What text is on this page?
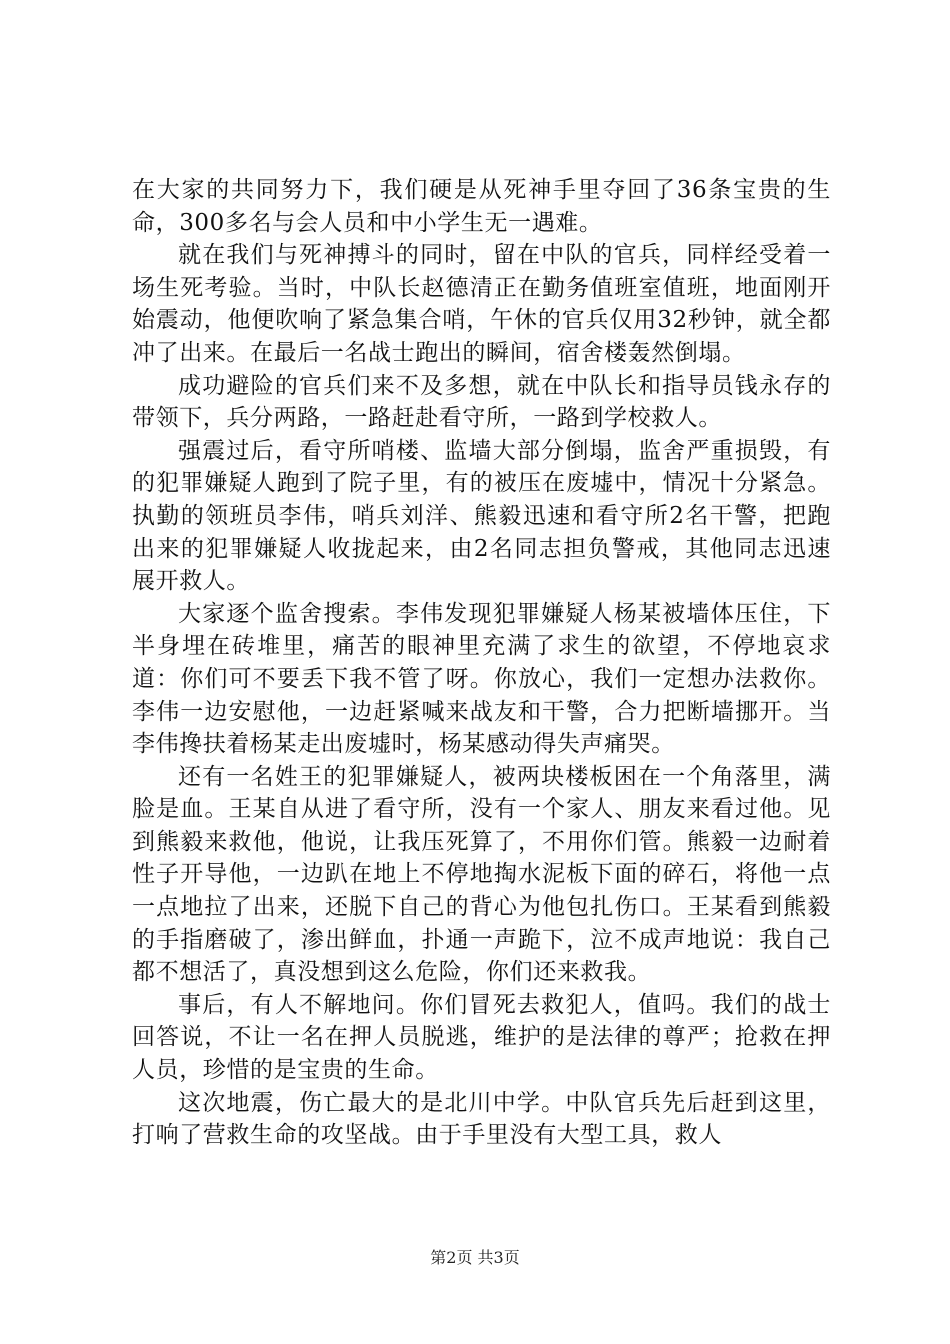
在大家的共同努力下，我们硬是从死神手里夺回了36条宝贵的生命，300多名与会人员和中小学生无一遇难。

就在我们与死神搏斗的同时，留在中队的官兵，同样经受着一场生死考验。当时，中队长赵德清正在勤务值班室值班，地面刚开始震动，他便吹响了紧急集合哨，午休的官兵仅用32秒钟，就全都冲了出来。在最后一名战士跑出的瞬间，宿舍楼轰然倒塌。

成功避险的官兵们来不及多想，就在中队长和指导员钱永存的带领下，兵分两路，一路赶赴看守所，一路到学校救人。

强震过后，看守所哨楼、监墙大部分倒塌，监舍严重损毁，有的犯罪嫌疑人跑到了院子里，有的被压在废墟中，情况十分紧急。执勤的领班员李伟，哨兵刘洋、熊毅迅速和看守所2名干警，把跑出来的犯罪嫌疑人收拢起来，由2名同志担负警戒，其他同志迅速展开救人。

大家逐个监舍搜索。李伟发现犯罪嫌疑人杨某被墙体压住，下半身埋在砖堆里，痛苦的眼神里充满了求生的欲望，不停地哀求道：你们可不要丢下我不管了呀。你放心，我们一定想办法救你。李伟一边安慰他，一边赶紧喊来战友和干警，合力把断墙挪开。当李伟搀扶着杨某走出废墟时，杨某感动得失声痛哭。

还有一名姓王的犯罪嫌疑人，被两块楼板困在一个角落里，满脸是血。王某自从进了看守所，没有一个家人、朋友来看过他。见到熊毅来救他，他说，让我压死算了，不用你们管。熊毅一边耐着性子开导他，一边趴在地上不停地掏水泥板下面的碎石，将他一点一点地拉了出来，还脱下自己的背心为他包扎伤口。王某看到熊毅的手指磨破了，渗出鲜血，扑通一声跪下，泣不成声地说：我自己都不想活了，真没想到这么危险，你们还来救我。

事后，有人不解地问。你们冒死去救犯人，值吗。我们的战士回答说，不让一名在押人员脱逃，维护的是法律的尊严；抢救在押人员，珍惜的是宝贵的生命。

这次地震，伤亡最大的是北川中学。中队官兵先后赶到这里，打响了营救生命的攻坚战。由于手里没有大型工具，救人

第2页 共3页
